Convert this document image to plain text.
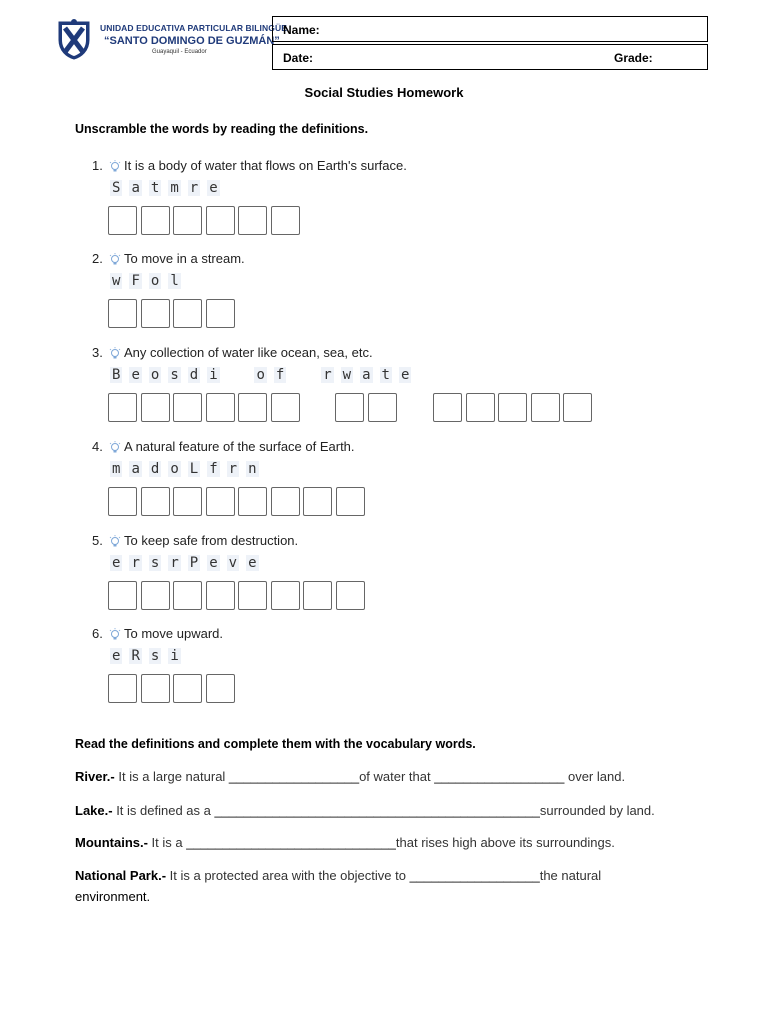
UNIDAD EDUCATIVA PARTICULAR BILINGÜE
“SANTO DOMINGO DE GUZMÁN”
Guayaquil - Ecuador
Name:
Date:	Grade:
Social Studies Homework
Unscramble the words by reading the definitions.
1. It is a body of water that flows on Earth's surface.
S a t m r e
2. To move in a stream.
w F o l
3. Any collection of water like ocean, sea, etc.
B e o s d i	o f	r w a t e
4. A natural feature of the surface of Earth.
m a d o L f r n
5. To keep safe from destruction.
e r s r P e v e
6. To move upward.
e R s i
Read the definitions and complete them with the vocabulary words.
River.- It is a large natural __________________of water that __________________ over land.
Lake.- It is defined as a _____________________________________________surrounded by land.
Mountains.- It is a _____________________________that rises high above its surroundings.
National Park.- It is a protected area with the objective to __________________the natural
environment.
